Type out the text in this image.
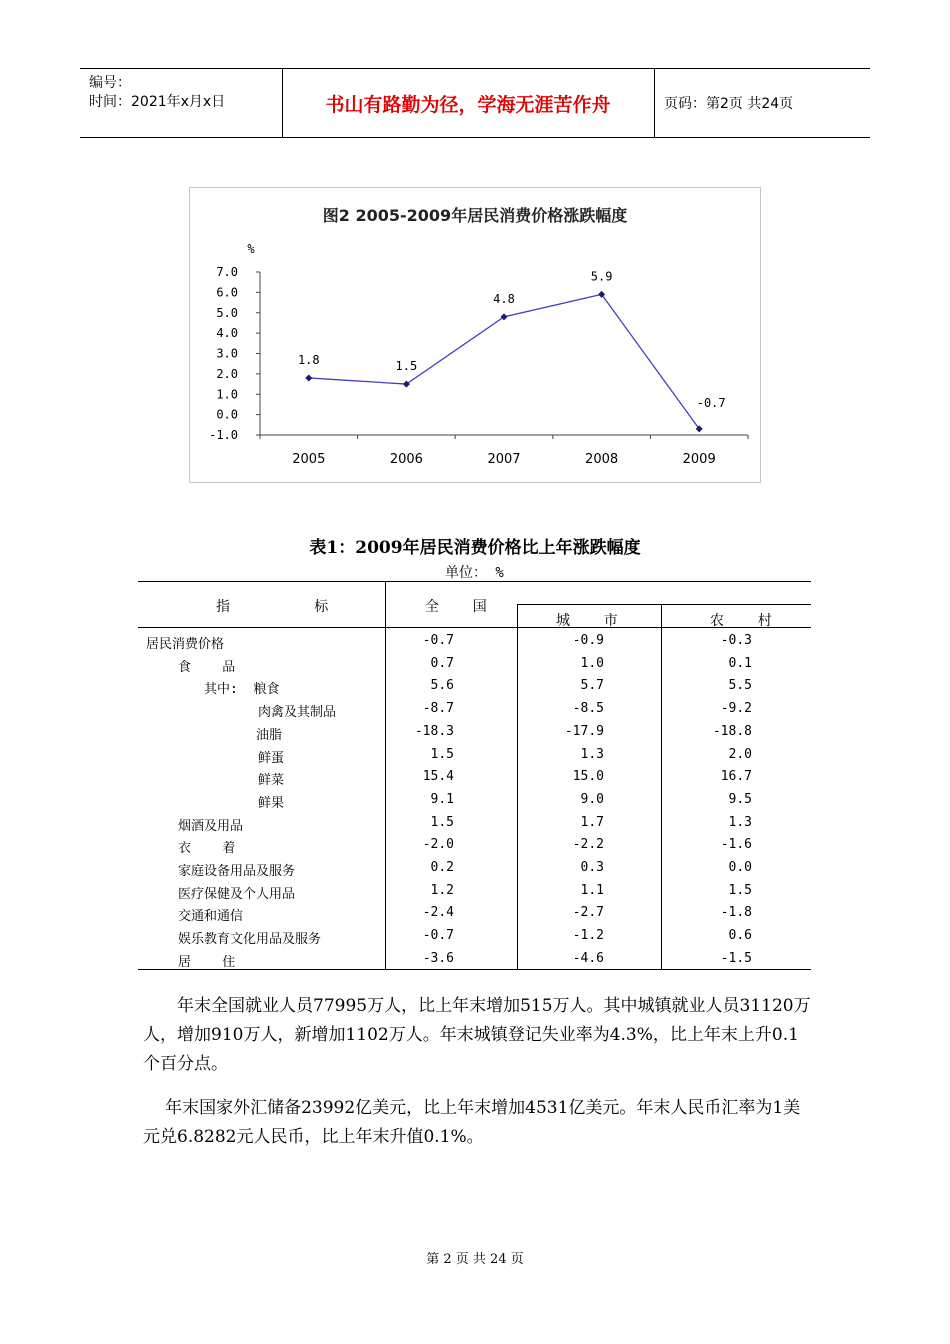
编号：
时间：2021年x月x日	书山有路勤为径，学海无涯苦作舟	页码：第2页 共24页
图2 2005-2009年居民消费价格涨跌幅度
%
7.0
6.0
5.0
4.0
3.0
2.0
1.0
0.0
-1.0
2005	2006	2007	2008	2009
1.8	1.5
4.8
5.9
-0.7
表1：2009年居民消费价格比上年涨跌幅度
单位： %
指          标	全    国
城    市	农    村
居民消费价格	-0.7	-0.9	-0.3
食    品	0.7	1.0	0.1
其中:  粮食	5.6	5.7	5.5
肉禽及其制品	-8.7	-8.5	-9.2
油脂	-18.3	-17.9	-18.8
鲜蛋	1.5	1.3	2.0
鲜菜	15.4	15.0	16.7
鲜果	9.1	9.0	9.5
烟酒及用品	1.5	1.7	1.3
衣    着	-2.0	-2.2	-1.6
家庭设备用品及服务	0.2	0.3	0.0
医疗保健及个人用品	1.2	1.1	1.5
交通和通信	-2.4	-2.7	-1.8
娱乐教育文化用品及服务	-0.7	-1.2	0.6
居    住	-3.6	-4.6	-1.5
年末全国就业人员77995万人，比上年末增加515万人。其中城镇就业人员31120万人，增加910万人，新增加1102万人。年末城镇登记失业率为4.3%，比上年末上升0.1个百分点。
年末国家外汇储备23992亿美元，比上年末增加4531亿美元。年末人民币汇率为1美元兑6.8282元人民币，比上年末升值0.1%。
第 2 页 共 24 页
